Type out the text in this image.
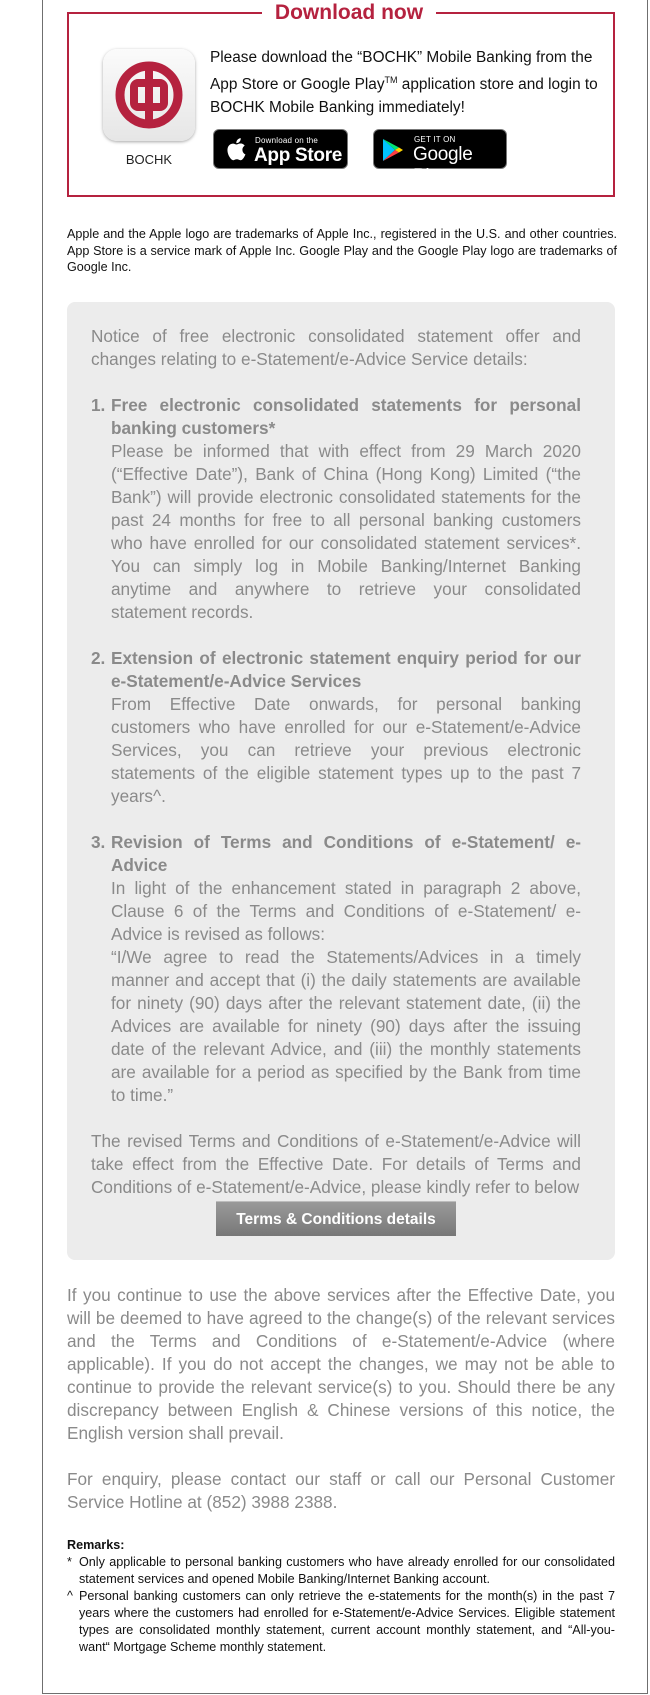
Download now
BOCHK
Please download the “BOCHK” Mobile Banking from the App Store or Google Play™ application store and login to BOCHK Mobile Banking immediately!
Download on the
App Store
GET IT ON
Google Play
Apple and the Apple logo are trademarks of Apple Inc., registered in the U.S. and other countries. App Store is a service mark of Apple Inc. Google Play and the Google Play logo are trademarks of Google Inc.

Notice of free electronic consolidated statement offer and changes relating to e-Statement/e-Advice Service details:

1. Free electronic consolidated statements for personal banking customers*

Please be informed that with effect from 29 March 2020 (“Effective Date”), Bank of China (Hong Kong) Limited (“the Bank”) will provide electronic consolidated statements for the past 24 months for free to all personal banking customers who have enrolled for our consolidated statement services*. You can simply log in Mobile Banking/Internet Banking anytime and anywhere to retrieve your consolidated statement records.

2. Extension of electronic statement enquiry period for our e-Statement/e-Advice Services

From Effective Date onwards, for personal banking customers who have enrolled for our e-Statement/e-Advice Services, you can retrieve your previous electronic statements of the eligible statement types up to the past 7 years^.

3. Revision of Terms and Conditions of e-Statement/ e-Advice

In light of the enhancement stated in paragraph 2 above, Clause 6 of the Terms and Conditions of e-Statement/ e-Advice is revised as follows:

“I/We agree to read the Statements/Advices in a timely manner and accept that (i) the daily statements are available for ninety (90) days after the relevant statement date, (ii) the Advices are available for ninety (90) days after the issuing date of the relevant Advice, and (iii) the monthly statements are available for a period as specified by the Bank from time to time.”

The revised Terms and Conditions of e-Statement/e-Advice will take effect from the Effective Date. For details of Terms and Conditions of e-Statement/e-Advice, please kindly refer to below

Terms & Conditions details

If you continue to use the above services after the Effective Date, you will be deemed to have agreed to the change(s) of the relevant services and the Terms and Conditions of e-Statement/e-Advice (where applicable). If you do not accept the changes, we may not be able to continue to provide the relevant service(s) to you. Should there be any discrepancy between English & Chinese versions of this notice, the English version shall prevail.

For enquiry, please contact our staff or call our Personal Customer Service Hotline at (852) 3988 2388.

Remarks:
* Only applicable to personal banking customers who have already enrolled for our consolidated statement services and opened Mobile Banking/Internet Banking account.
^ Personal banking customers can only retrieve the e-statements for the month(s) in the past 7 years where the customers had enrolled for e-Statement/e-Advice Services. Eligible statement types are consolidated monthly statement, current account monthly statement, and “All-you-want“ Mortgage Scheme monthly statement.
